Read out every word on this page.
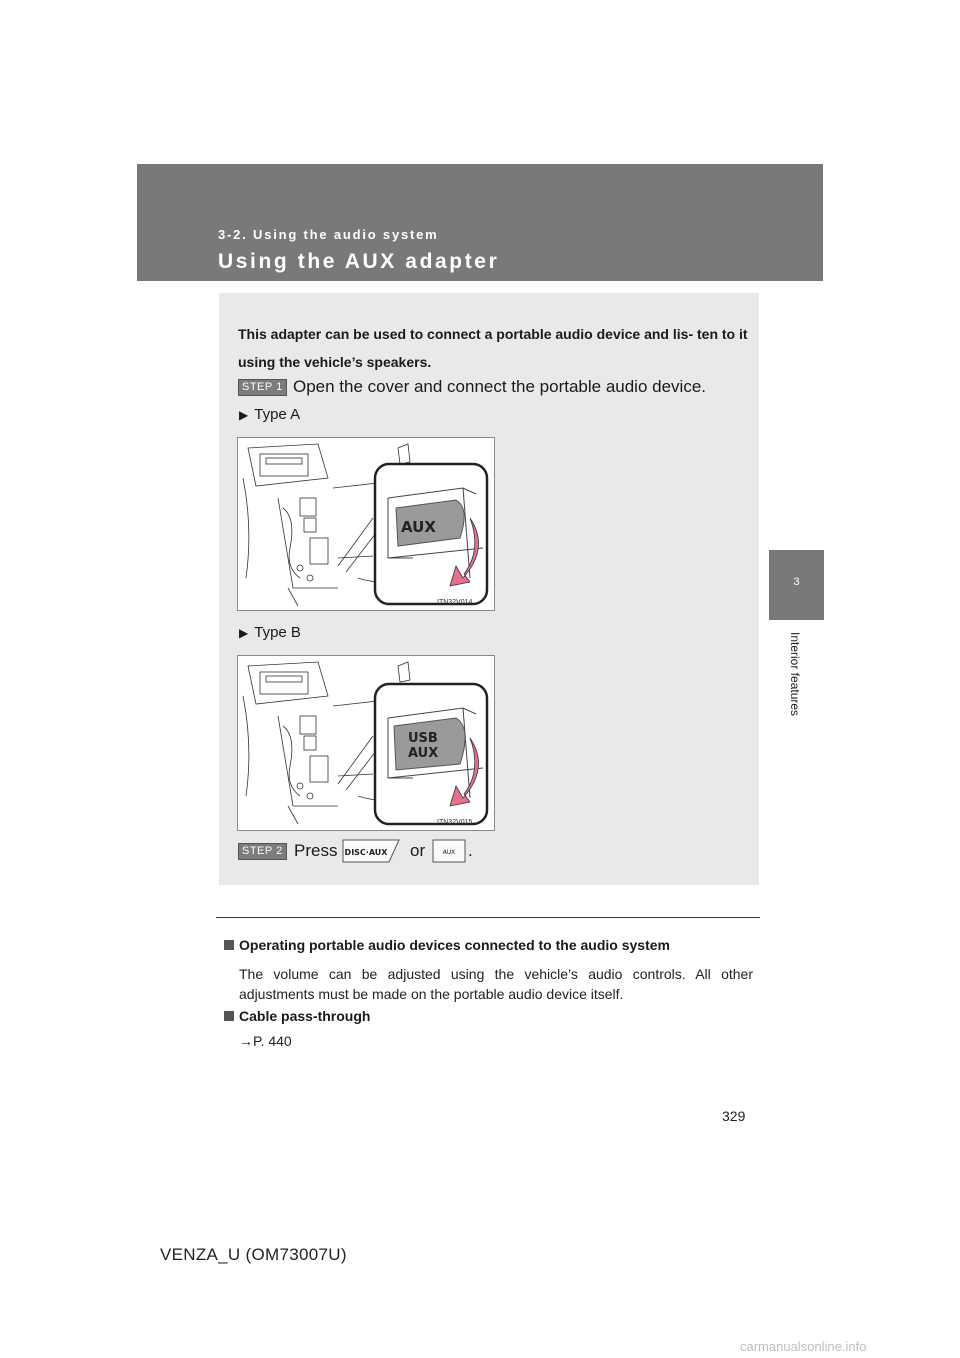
3-2. Using the audio system
Using the AUX adapter
3
Interior features
This adapter can be used to connect a portable audio device and lis- ten to it using the vehicle’s speakers.
STEP 1 Open the cover and connect the portable audio device.
▶ Type A
AUX
ITN32V014
▶ Type B
USB
AUX
ITN32V015
STEP 2 Press DISC·AUX or	AUX .
Operating portable audio devices connected to the audio system
The volume can be adjusted using the vehicle’s audio controls. All other adjustments must be made on the portable audio device itself.
Cable pass-through
→P. 440
329
VENZA_U (OM73007U)
carmanualsonline.info
